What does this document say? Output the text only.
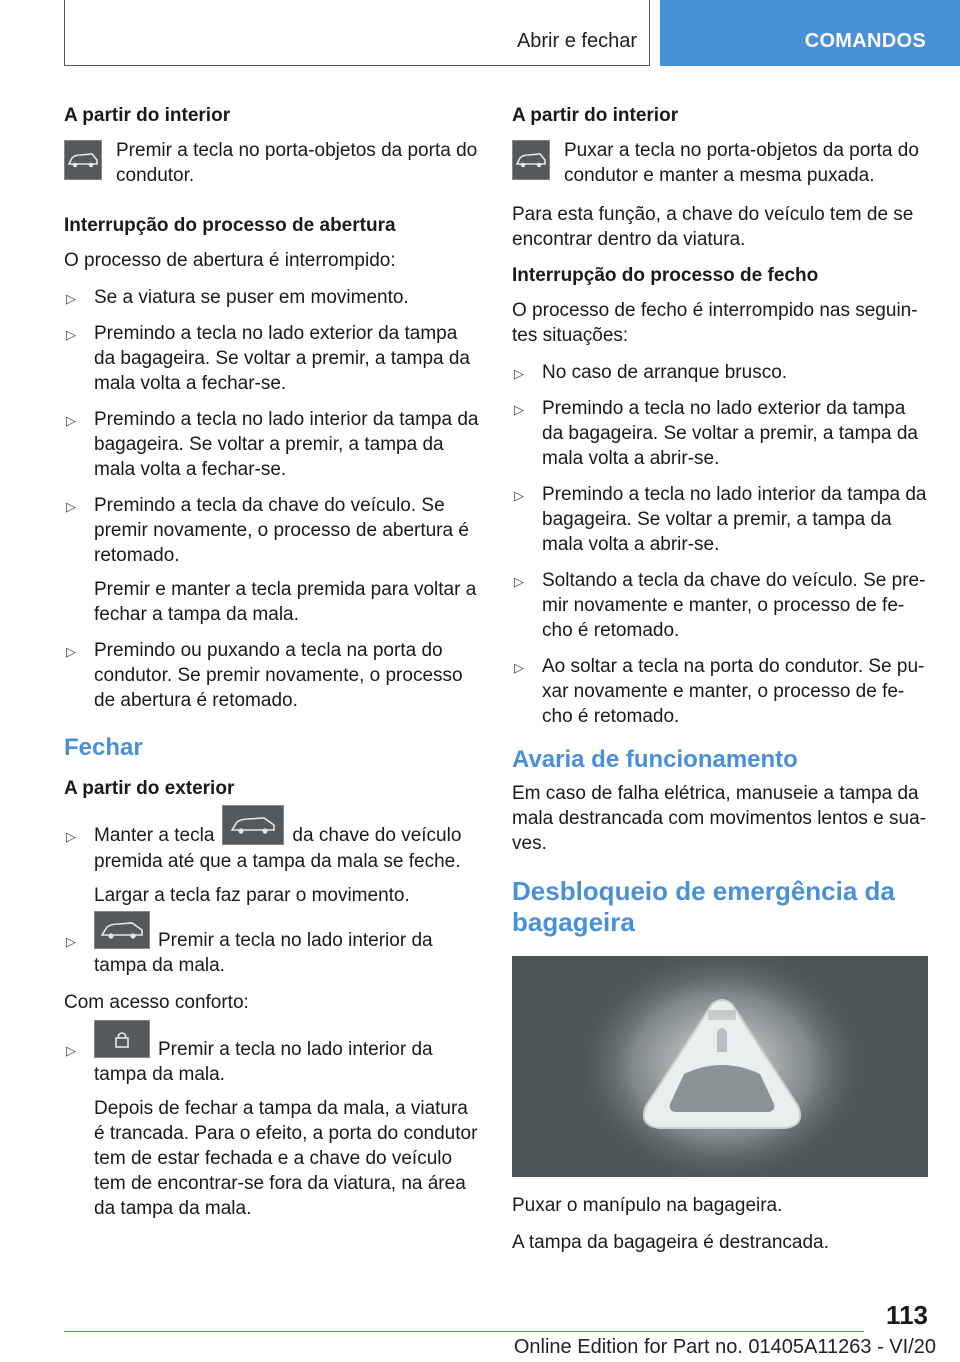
Abrir e fechar	COMANDOS
A partir do interior

Premir a tecla no porta-objetos da porta do condutor.

Interrupção do processo de abertura

O processo de abertura é interrompido:

▷ Se a viatura se puser em movimento.
▷ Premindo a tecla no lado exterior da tampa da bagageira. Se voltar a premir, a tampa da mala volta a fechar-se.
▷ Premindo a tecla no lado interior da tampa da bagageira. Se voltar a premir, a tampa da mala volta a fechar-se.
▷ Premindo a tecla da chave do veículo. Se premir novamente, o processo de abertura é retomado.
Premir e manter a tecla premida para voltar a fechar a tampa da mala.
▷ Premindo ou puxando a tecla na porta do condutor. Se premir novamente, o processo de abertura é retomado.
Fechar
A partir do exterior
▷ Manter a tecla	da chave do veículo premida até que a tampa da mala se feche.
Largar a tecla faz parar o movimento.
▷	Premir a tecla no lado interior da tampa da mala.

Com acesso conforto:

▷	Premir a tecla no lado interior da tampa da mala.
Depois de fechar a tampa da mala, a viatura é trancada. Para o efeito, a porta do condutor tem de estar fechada e a chave do veículo tem de encontrar-se fora da viatura, na área da tampa da mala.
A partir do interior

Puxar a tecla no porta-objetos da porta do condutor e manter a mesma puxada.

Para esta função, a chave do veículo tem de se encontrar dentro da viatura.

Interrupção do processo de fecho

O processo de fecho é interrompido nas seguin-tes situações:

▷ No caso de arranque brusco.
▷ Premindo a tecla no lado exterior da tampa da bagageira. Se voltar a premir, a tampa da mala volta a abrir-se.
▷ Premindo a tecla no lado interior da tampa da bagageira. Se voltar a premir, a tampa da mala volta a abrir-se.
▷ Soltando a tecla da chave do veículo. Se pre-mir novamente e manter, o processo de fe-cho é retomado.
▷ Ao soltar a tecla na porta do condutor. Se pu-xar novamente e manter, o processo de fe-cho é retomado.
Avaria de funcionamento

Em caso de falha elétrica, manuseie a tampa da mala destrancada com movimentos lentos e sua-ves.

Desbloqueio de emergência da bagageira

Puxar o manípulo na bagageira.

A tampa da bagageira é destrancada.

113
Online Edition for Part no. 01405A11263 - VI/20
